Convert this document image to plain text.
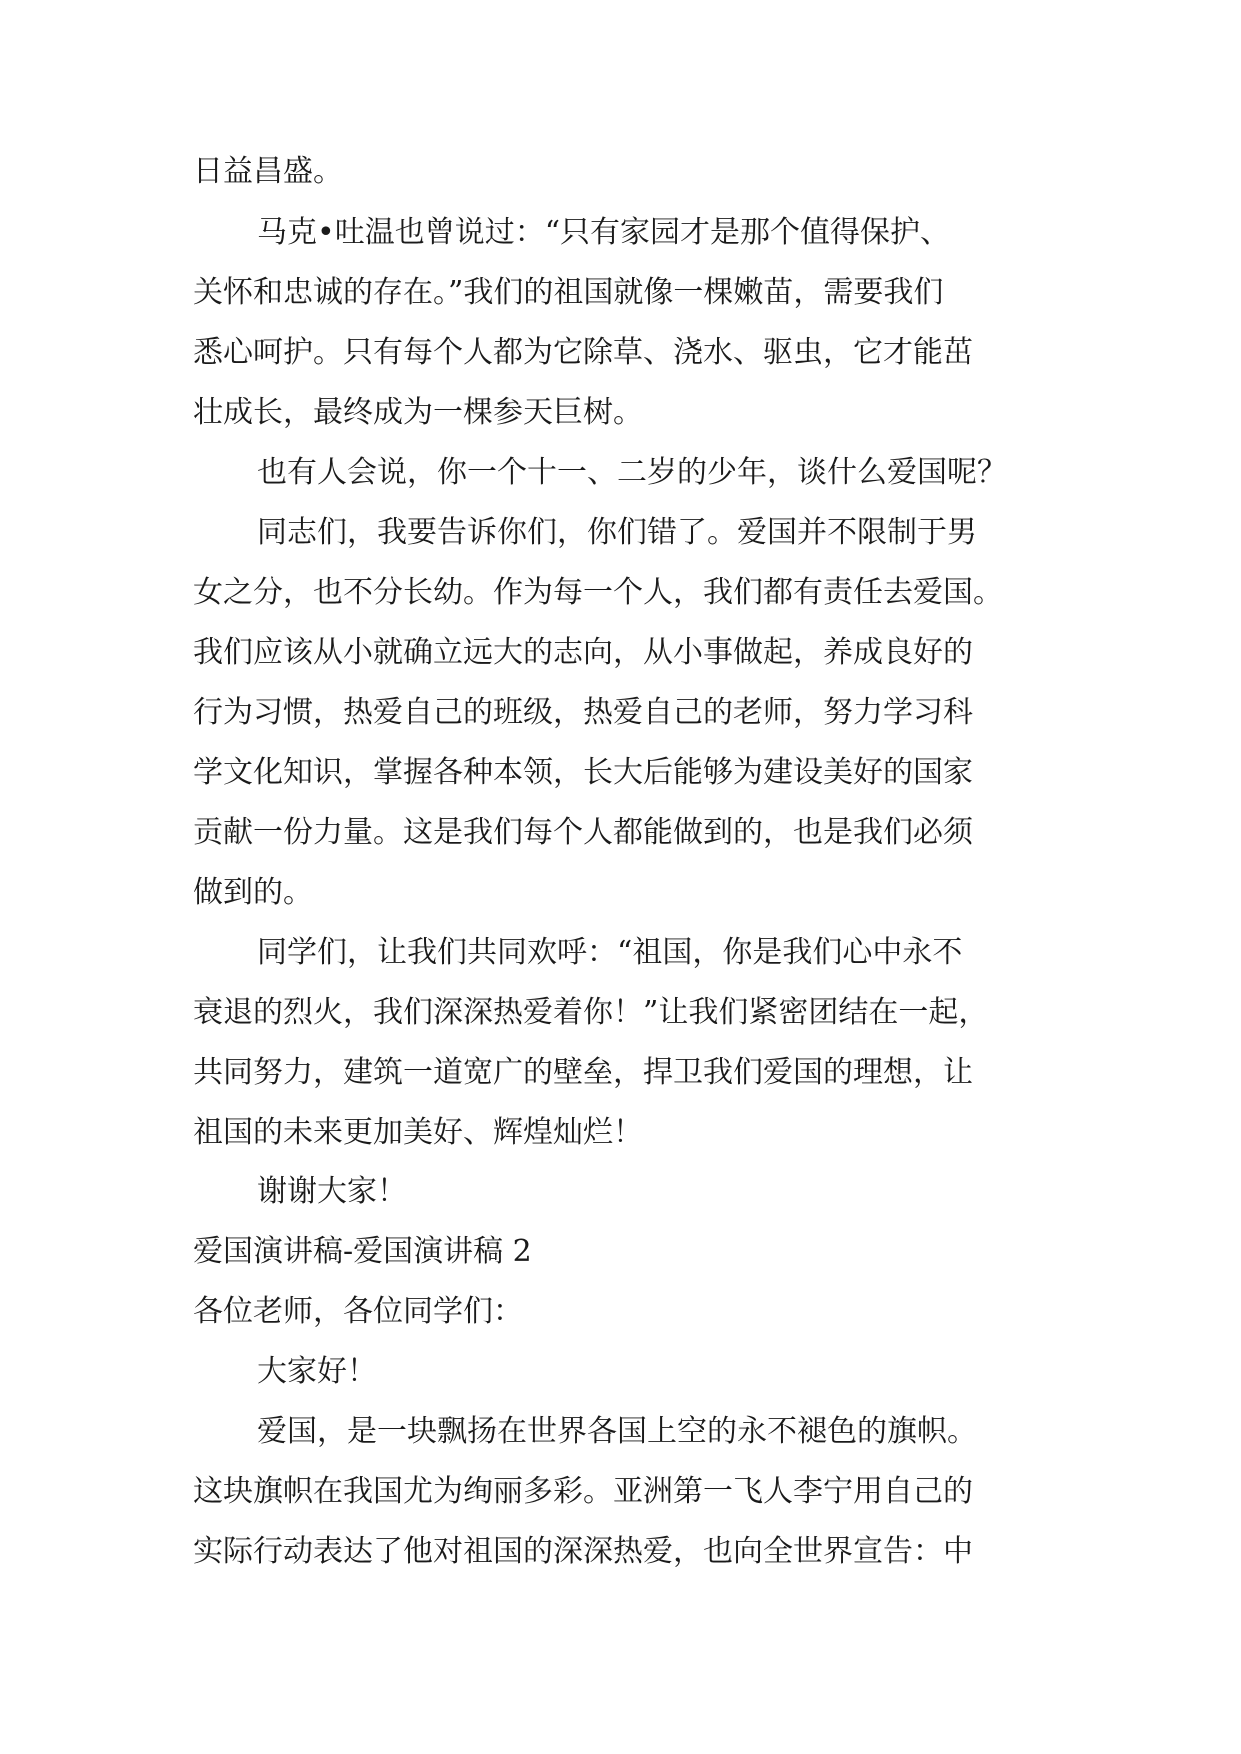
日益昌盛。
马克•吐温也曾说过：“只有家园才是那个值得保护、
关怀和忠诚的存在。”我们的祖国就像一棵嫩苗，需要我们
悉心呵护。只有每个人都为它除草、浇水、驱虫，它才能茁
壮成长，最终成为一棵参天巨树。
也有人会说，你一个十一、二岁的少年，谈什么爱国呢？
同志们，我要告诉你们，你们错了。爱国并不限制于男
女之分，也不分长幼。作为每一个人，我们都有责任去爱国。
我们应该从小就确立远大的志向，从小事做起，养成良好的
行为习惯，热爱自己的班级，热爱自己的老师，努力学习科
学文化知识，掌握各种本领，长大后能够为建设美好的国家
贡献一份力量。这是我们每个人都能做到的，也是我们必须
做到的。
同学们，让我们共同欢呼：“祖国，你是我们心中永不
衰退的烈火，我们深深热爱着你！”让我们紧密团结在一起，
共同努力，建筑一道宽广的壁垒，捍卫我们爱国的理想，让
祖国的未来更加美好、辉煌灿烂！
谢谢大家！
爱国演讲稿-爱国演讲稿 2
各位老师，各位同学们：
大家好！
爱国，是一块飘扬在世界各国上空的永不褪色的旗帜。
这块旗帜在我国尤为绚丽多彩。亚洲第一飞人李宁用自己的
实际行动表达了他对祖国的深深热爱，也向全世界宣告：中
